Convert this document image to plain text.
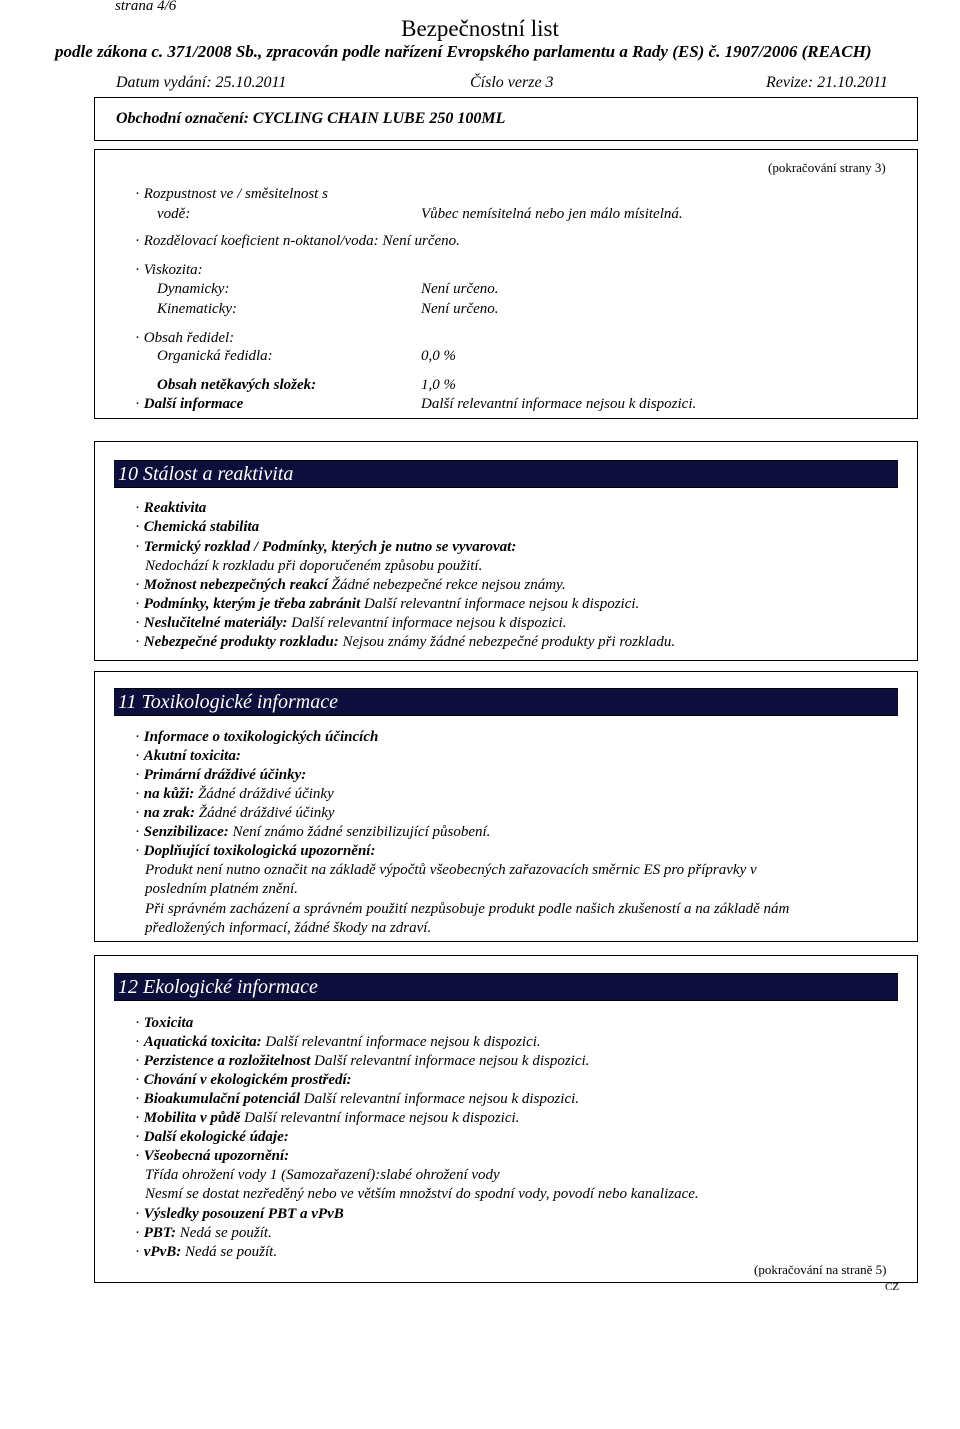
strana 4/6
Bezpečnostní list
podle zákona c. 371/2008 Sb., zpracován podle nařízení Evropského parlamentu a Rady (ES) č. 1907/2006 (REACH)
Datum vydání: 25.10.2011	Číslo verze 3	Revize: 21.10.2011
Obchodní označení: CYCLING CHAIN LUBE 250 100ML
(pokračování strany 3)
· Rozpustnost ve / směsitelnost s
vodě:	Vůbec nemísitelná nebo jen málo mísitelná.
· Rozdělovací koeficient n-oktanol/voda: Není určeno.
· Viskozita:
Dynamicky:	Není určeno.
Kinematicky:	Není určeno.
· Obsah ředidel:
Organická ředidla:	0,0 %
Obsah netěkavých složek:	1,0 %
· Další informace	Další relevantní informace nejsou k dispozici.
10 Stálost a reaktivita
· Reaktivita
· Chemická stabilita
· Termický rozklad / Podmínky, kterých je nutno se vyvarovat:
Nedochází k rozkladu při doporučeném způsobu použití.
· Možnost nebezpečných reakcí Žádné nebezpečné rekce nejsou známy.
· Podmínky, kterým je třeba zabránit Další relevantní informace nejsou k dispozici.
· Neslučitelné materiály: Další relevantní informace nejsou k dispozici.
· Nebezpečné produkty rozkladu: Nejsou známy žádné nebezpečné produkty při rozkladu.
11 Toxikologické informace
· Informace o toxikologických účincích
· Akutní toxicita:
· Primární dráždivé účinky:
· na kůži: Žádné dráždivé účinky
· na zrak: Žádné dráždivé účinky
· Senzibilizace: Není známo žádné senzibilizující působení.
· Doplňující toxikologická upozornění:
Produkt není nutno označit na základě výpočtů všeobecných zařazovacích směrnic ES pro přípravky v
posledním platném znění.
Při správném zacházení a správném použití nezpůsobuje produkt podle našich zkušeností a na základě nám
předložených informací, žádné škody na zdraví.
12 Ekologické informace
· Toxicita
· Aquatická toxicita: Další relevantní informace nejsou k dispozici.
· Perzistence a rozložitelnost Další relevantní informace nejsou k dispozici.
· Chování v ekologickém prostředí:
· Bioakumulační potenciál Další relevantní informace nejsou k dispozici.
· Mobilita v půdě Další relevantní informace nejsou k dispozici.
· Další ekologické údaje:
· Všeobecná upozornění:
Třída ohrožení vody 1 (Samozařazení):slabé ohrožení vody
Nesmí se dostat nezředěný nebo ve větším množství do spodní vody, povodí nebo kanalizace.
· Výsledky posouzení PBT a vPvB
· PBT: Nedá se použít.
· vPvB: Nedá se použít.
(pokračování na straně 5)
CZ
